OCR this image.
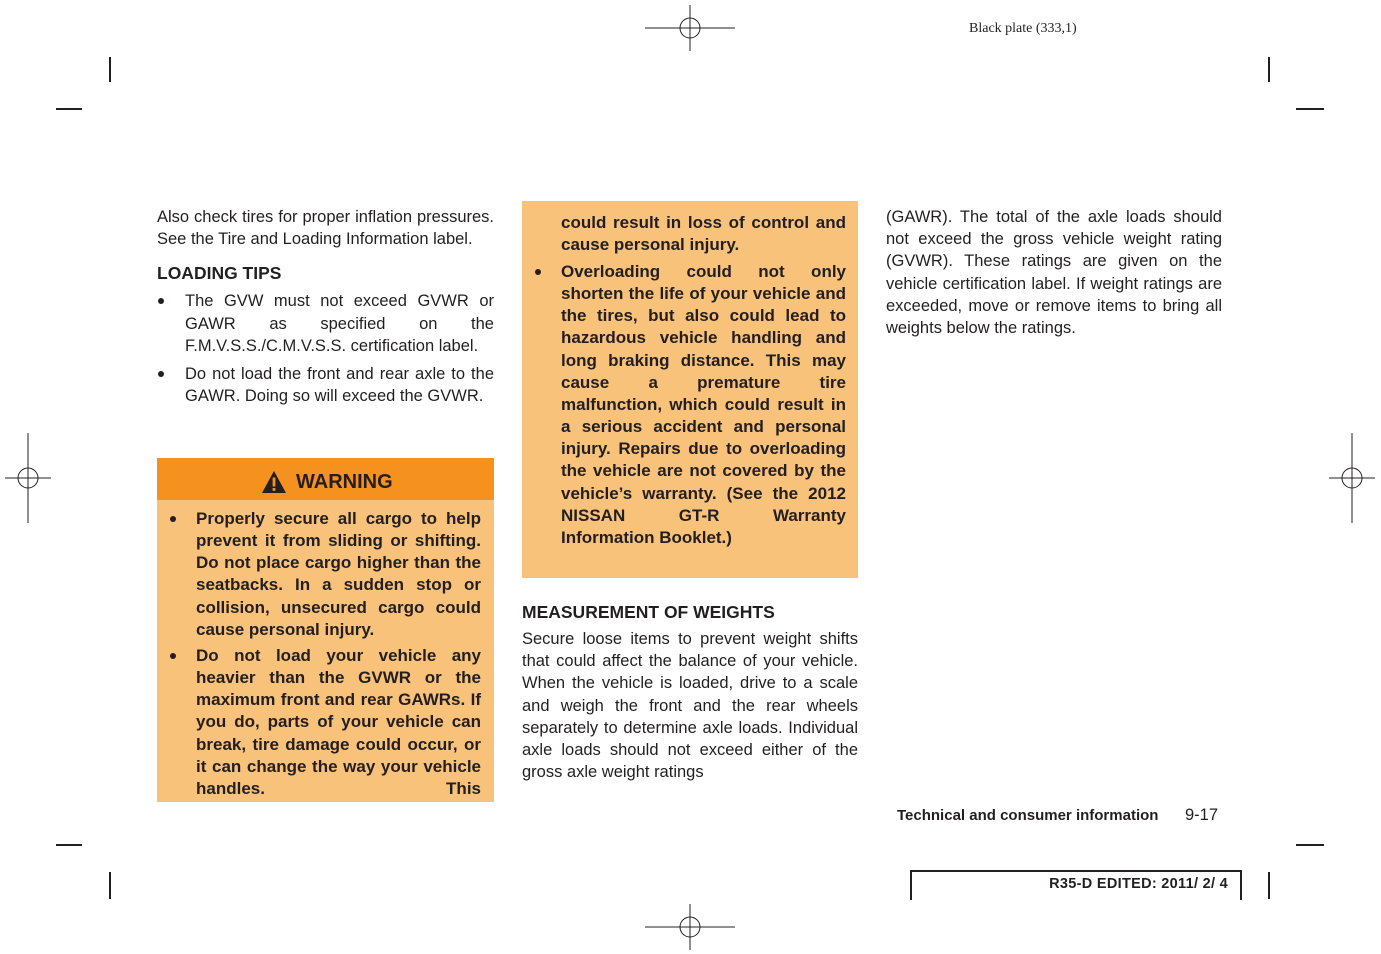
Black plate (333,1)

Also check tires for proper inflation pressures. See the Tire and Loading Information label.

LOADING TIPS
The GVW must not exceed GVWR or GAWR as specified on the F.M.V.S.S./C.M.V.S.S. certification label.
Do not load the front and rear axle to the GAWR. Doing so will exceed the GVWR.
WARNING
Properly secure all cargo to help prevent it from sliding or shifting. Do not place cargo higher than the seatbacks. In a sudden stop or collision, unsecured cargo could cause personal injury.
Do not load your vehicle any heavier than the GVWR or the maximum front and rear GAWRs. If you do, parts of your vehicle can break, tire damage could occur, or it can change the way your vehicle handles. This

could result in loss of control and cause personal injury.

Overloading could not only shorten the life of your vehicle and the tires, but also could lead to hazardous vehicle handling and long braking distance. This may cause a premature tire malfunction, which could result in a serious accident and personal injury. Repairs due to overloading the vehicle are not covered by the vehicle’s warranty. (See the 2012 NISSAN GT-R Warranty Information Booklet.)
MEASUREMENT OF WEIGHTS

Secure loose items to prevent weight shifts that could affect the balance of your vehicle. When the vehicle is loaded, drive to a scale and weigh the front and the rear wheels separately to determine axle loads. Individual axle loads should not exceed either of the gross axle weight ratings

(GAWR). The total of the axle loads should not exceed the gross vehicle weight rating (GVWR). These ratings are given on the vehicle certification label. If weight ratings are exceeded, move or remove items to bring all weights below the ratings.

Technical and consumer information 9-17
R35-D EDITED: 2011/ 2/ 4
